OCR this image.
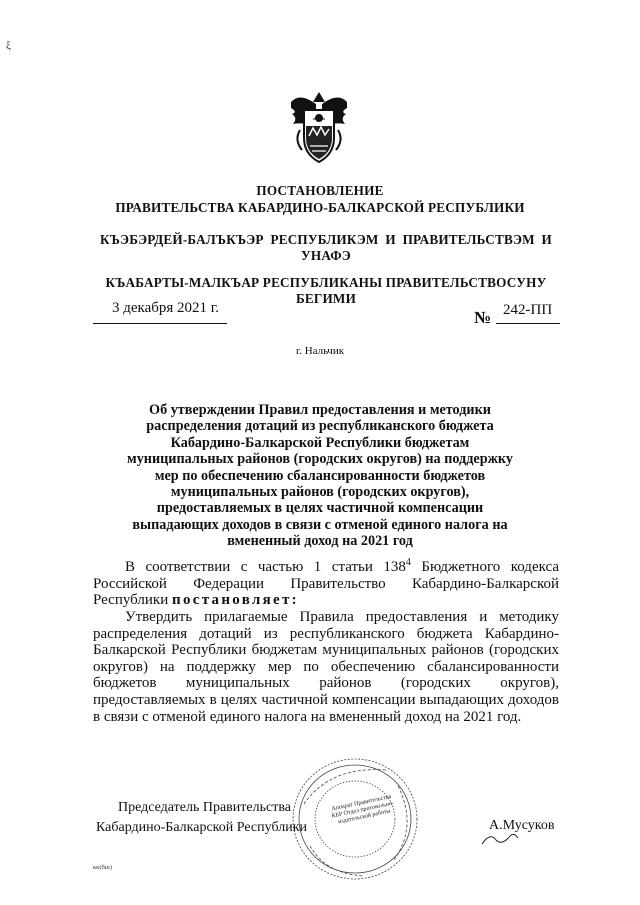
ξ
ПОСТАНОВЛЕНИЕ
ПРАВИТЕЛЬСТВА КАБАРДИНО-БАЛКАРСКОЙ РЕСПУБЛИКИ
КЪЭБЭРДЕЙ-БАЛЪКЪЭР РЕСПУБЛИКЭМ И ПРАВИТЕЛЬСТВЭМ И УНАФЭ
КЪАБАРТЫ-МАЛКЪАР РЕСПУБЛИКАНЫ ПРАВИТЕЛЬСТВОСУНУ БЕГИМИ
3 декабря 2021 г.	№ 242-ПП
г. Нальчик
Об утверждении Правил предоставления и методики распределения дотаций из республиканского бюджета Кабардино-Балкарской Республики бюджетам муниципальных районов (городских округов) на поддержку мер по обеспечению сбалансированности бюджетов муниципальных районов (городских округов), предоставляемых в целях частичной компенсации выпадающих доходов в связи с отменой единого налога на вмененный доход на 2021 год
В соответствии с частью 1 статьи $138^4$ Бюджетного кодекса Российской Федерации Правительство Кабардино-Балкарской Республики постановляет:
Утвердить прилагаемые Правила предоставления и методику распределения дотаций из республиканского бюджета Кабардино-Балкарской Республики бюджетам муниципальных районов (городских округов) на поддержку мер по обеспечению сбалансированности бюджетов муниципальных районов (городских округов), предоставляемых в целях частичной компенсации выпадающих доходов в связи с отменой единого налога на вмененный доход на 2021 год.
Аппарат Правительства КБР Отдел протокольно-издательской работы
Председатель Правительства
Кабардино-Балкарской Республики	А.Мусуков
кк(бш)
